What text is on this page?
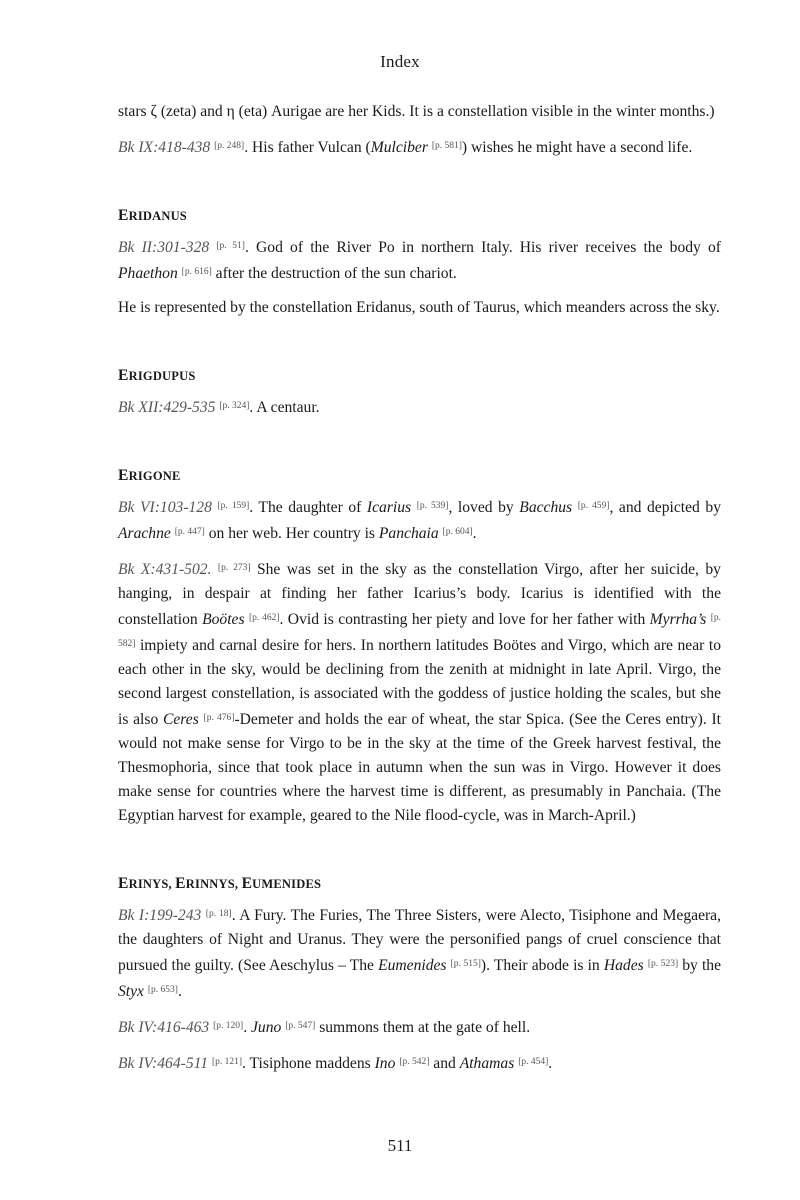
Index

stars ζ (zeta) and η (eta) Aurigae are her Kids. It is a constellation visible in the winter months.)

Bk IX:418-438 [p. 248]. His father Vulcan (Mulciber [p. 581]) wishes he might have a second life.

ERIDANUS

Bk II:301-328 [p. 51]. God of the River Po in northern Italy. His river receives the body of Phaethon [p. 616] after the destruction of the sun chariot.

He is represented by the constellation Eridanus, south of Taurus, which meanders across the sky.

ERIGDUPUS

Bk XII:429-535 [p. 324]. A centaur.

ERIGONE

Bk VI:103-128 [p. 159]. The daughter of Icarius [p. 539], loved by Bacchus [p. 459], and depicted by Arachne [p. 447] on her web. Her country is Panchaia [p. 604].

Bk X:431-502. [p. 273] She was set in the sky as the constellation Virgo, after her suicide, by hanging, in despair at finding her father Icarius’s body. Icarius is identified with the constellation Boötes [p. 462]. Ovid is contrasting her piety and love for her father with Myrrha’s [p. 582] impiety and carnal desire for hers. In northern latitudes Boötes and Virgo, which are near to each other in the sky, would be declining from the zenith at midnight in late April. Virgo, the second largest constellation, is associated with the goddess of justice holding the scales, but she is also Ceres [p. 476]-Demeter and holds the ear of wheat, the star Spica. (See the Ceres entry). It would not make sense for Virgo to be in the sky at the time of the Greek harvest festival, the Thesmophoria, since that took place in autumn when the sun was in Virgo. However it does make sense for countries where the harvest time is different, as presumably in Panchaia. (The Egyptian harvest for example, geared to the Nile flood-cycle, was in March-April.)

ERINYS, ERINNYS, EUMENIDES

Bk I:199-243 [p. 18]. A Fury. The Furies, The Three Sisters, were Alecto, Tisiphone and Megaera, the daughters of Night and Uranus. They were the personified pangs of cruel conscience that pursued the guilty. (See Aeschylus – The Eumenides [p. 515]). Their abode is in Hades [p. 523] by the Styx [p. 653].

Bk IV:416-463 [p. 120]. Juno [p. 547] summons them at the gate of hell.

Bk IV:464-511 [p. 121]. Tisiphone maddens Ino [p. 542] and Athamas [p. 454].

511
